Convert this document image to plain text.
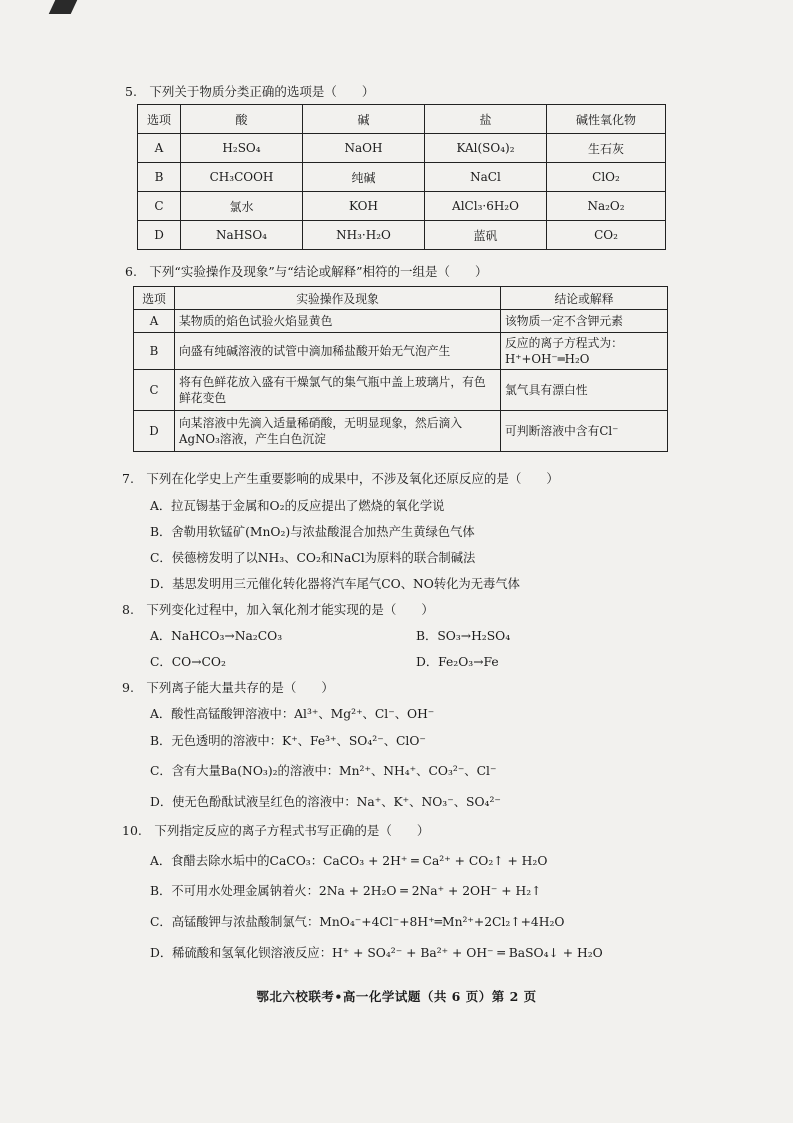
5.　下列关于物质分类正确的选项是（　　）
选项	酸	碱	盐	碱性氧化物
A	H₂SO₄	NaOH	KAl(SO₄)₂	生石灰
B	CH₃COOH	纯碱	NaCl	ClO₂
C	氯水	KOH	AlCl₃·6H₂O	Na₂O₂
D	NaHSO₄	NH₃·H₂O	蓝矾	CO₂
6.　下列“实验操作及现象”与“结论或解释”相符的一组是（　　）
选项	实验操作及现象	结论或解释
A	某物质的焰色试验火焰显黄色	该物质一定不含钾元素
B	向盛有纯碱溶液的试管中滴加稀盐酸开始无气泡产生	反应的离子方程式为：H⁺+OH⁻═H₂O
C	将有色鲜花放入盛有干燥氯气的集气瓶中盖上玻璃片，有色鲜花变色	氯气具有漂白性
D	向某溶液中先滴入适量稀硝酸，无明显现象，然后滴入AgNO₃溶液，产生白色沉淀	可判断溶液中含有Cl⁻
7.　下列在化学史上产生重要影响的成果中，不涉及氧化还原反应的是（　　）
A．拉瓦锡基于金属和O₂的反应提出了燃烧的氧化学说
B．舍勒用软锰矿(MnO₂)与浓盐酸混合加热产生黄绿色气体
C．侯德榜发明了以NH₃、CO₂和NaCl为原料的联合制碱法
D．基思发明用三元催化转化器将汽车尾气CO、NO转化为无毒气体
8.　下列变化过程中，加入氧化剂才能实现的是（　　）
A．NaHCO₃→Na₂CO₃	B．SO₃→H₂SO₄
C．CO→CO₂	D．Fe₂O₃→Fe
9.　下列离子能大量共存的是（　　）
A．酸性高锰酸钾溶液中：Al³⁺、Mg²⁺、Cl⁻、OH⁻
B．无色透明的溶液中：K⁺、Fe³⁺、SO₄²⁻、ClO⁻
C．含有大量Ba(NO₃)₂的溶液中：Mn²⁺、NH₄⁺、CO₃²⁻、Cl⁻
D．使无色酚酞试液呈红色的溶液中：Na⁺、K⁺、NO₃⁻、SO₄²⁻
10.　下列指定反应的离子方程式书写正确的是（　　）
A．食醋去除水垢中的CaCO₃：CaCO₃ + 2H⁺ ═ Ca²⁺ + CO₂↑ + H₂O
B．不可用水处理金属钠着火：2Na + 2H₂O ═ 2Na⁺ + 2OH⁻ + H₂↑
C．高锰酸钾与浓盐酸制氯气：MnO₄⁻+4Cl⁻+8H⁺═Mn²⁺+2Cl₂↑+4H₂O
D．稀硫酸和氢氧化钡溶液反应：H⁺ + SO₄²⁻ + Ba²⁺ + OH⁻ ═ BaSO₄↓ + H₂O
鄂北六校联考•高一化学试题（共 6 页）第 2 页
